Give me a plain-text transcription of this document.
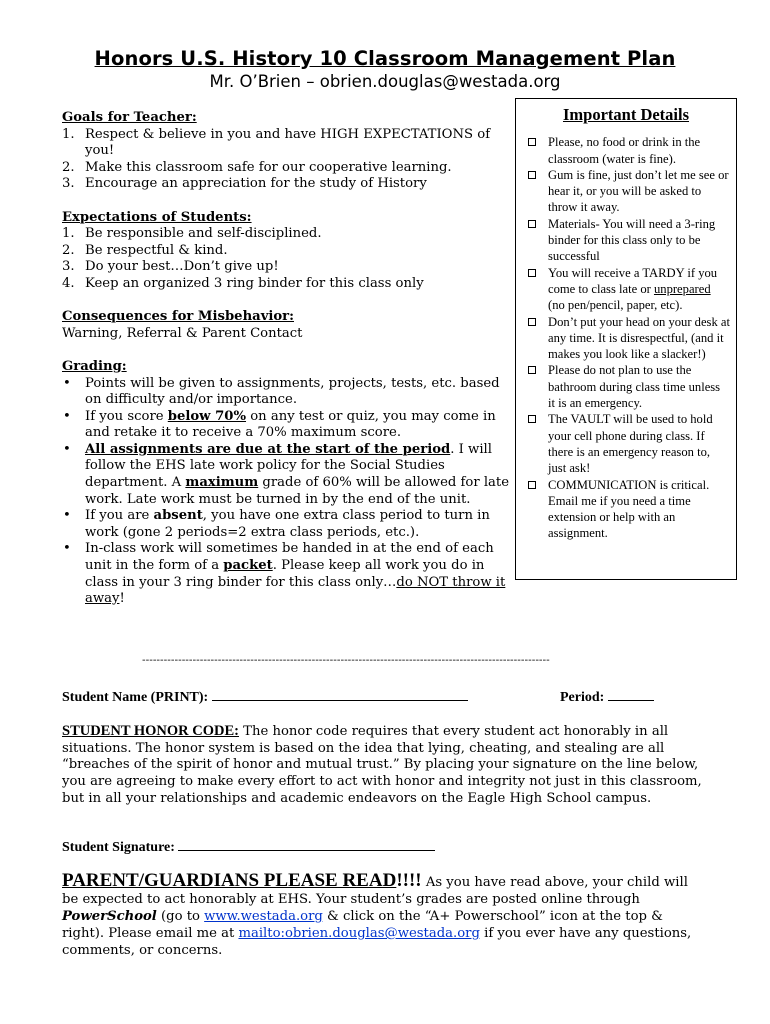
Honors U.S. History 10 Classroom Management Plan
Mr. O’Brien – obrien.douglas@westada.org
Goals for Teacher:
1. Respect & believe in you and have HIGH EXPECTATIONS of you!
2. Make this classroom safe for our cooperative learning.
3. Encourage an appreciation for the study of History
Expectations of Students:
1. Be responsible and self-disciplined.
2. Be respectful & kind.
3. Do your best…Don’t give up!
4. Keep an organized 3 ring binder for this class only
Consequences for Misbehavior:
Warning, Referral & Parent Contact
Grading:
• Points will be given to assignments, projects, tests, etc. based on difficulty and/or importance.
• If you score below 70% on any test or quiz, you may come in and retake it to receive a 70% maximum score.
• All assignments are due at the start of the period. I will follow the EHS late work policy for the Social Studies department. A maximum grade of 60% will be allowed for late work. Late work must be turned in by the end of the unit.
• If you are absent, you have one extra class period to turn in work (gone 2 periods=2 extra class periods, etc.).
• In-class work will sometimes be handed in at the end of each unit in the form of a packet. Please keep all work you do in class in your 3 ring binder for this class only…do NOT throw it away!
Important Details
Please, no food or drink in the classroom (water is fine).
Gum is fine, just don’t let me see or hear it, or you will be asked to throw it away.
Materials- You will need a 3-ring binder for this class only to be successful
You will receive a TARDY if you come to class late or unprepared (no pen/pencil, paper, etc).
Don’t put your head on your desk at any time. It is disrespectful, (and it makes you look like a slacker!)
Please do not plan to use the bathroom during class time unless it is an emergency.
The VAULT will be used to hold your cell phone during class. If there is an emergency reason to, just ask!
COMMUNICATION is critical. Email me if you need a time extension or help with an assignment.
-----------------------------------------------------------------------------------------------------------------
Student Name (PRINT):	Period:
STUDENT HONOR CODE: The honor code requires that every student act honorably in all situations. The honor system is based on the idea that lying, cheating, and stealing are all “breaches of the spirit of honor and mutual trust.” By placing your signature on the line below, you are agreeing to make every effort to act with honor and integrity not just in this classroom, but in all your relationships and academic endeavors on the Eagle High School campus.
Student Signature:
PARENT/GUARDIANS PLEASE READ!!!! As you have read above, your child will be expected to act honorably at EHS. Your student’s grades are posted online through PowerSchool (go to www.westada.org & click on the “A+ Powerschool” icon at the top & right). Please email me at mailto:obrien.douglas@westada.org if you ever have any questions, comments, or concerns.
